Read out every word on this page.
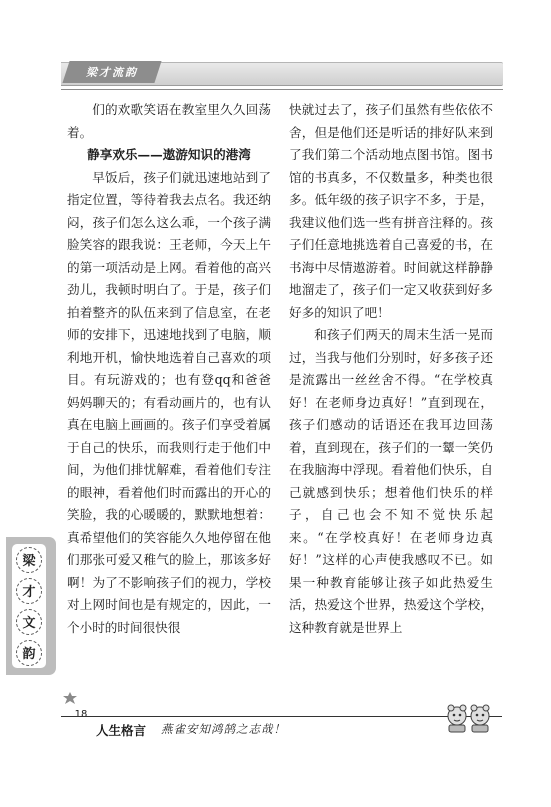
梁才流韵

们的欢歌笑语在教室里久久回荡着。

静享欢乐——遨游知识的港湾

早饭后，孩子们就迅速地站到了指定位置，等待着我去点名。我还纳闷，孩子们怎么这么乖，一个孩子满脸笑容的跟我说：王老师，今天上午的第一项活动是上网。看着他的高兴劲儿，我顿时明白了。于是，孩子们拍着整齐的队伍来到了信息室，在老师的安排下，迅速地找到了电脑，顺利地开机，愉快地选着自己喜欢的项目。有玩游戏的；也有登qq和爸爸妈妈聊天的；有看动画片的，也有认真在电脑上画画的。孩子们享受着属于自己的快乐，而我则行走于他们中间，为他们排忧解难，看着他们专注的眼神，看着他们时而露出的开心的笑脸，我的心暖暖的，默默地想着：真希望他们的笑容能久久地停留在他们那张可爱又稚气的脸上，那该多好啊！为了不影响孩子们的视力，学校对上网时间也是有规定的，因此，一个小时的时间很快很

快就过去了，孩子们虽然有些依依不舍，但是他们还是听话的排好队来到了我们第二个活动地点图书馆。图书馆的书真多，不仅数量多，种类也很多。低年级的孩子识字不多，于是，我建议他们选一些有拼音注释的。孩子们任意地挑选着自己喜爱的书，在书海中尽情遨游着。时间就这样静静地溜走了，孩子们一定又收获到好多好多的知识了吧！

和孩子们两天的周末生活一晃而过，当我与他们分别时，好多孩子还是流露出一丝丝舍不得。“在学校真好！在老师身边真好！”直到现在，孩子们感动的话语还在我耳边回荡着，直到现在，孩子们的一颦一笑仍在我脑海中浮现。看着他们快乐，自己就感到快乐；想着他们快乐的样子，自己也会不知不觉快乐起来。“在学校真好！在老师身边真好！”这样的心声使我感叹不已。如果一种教育能够让孩子如此热爱生活，热爱这个世界，热爱这个学校，这种教育就是世界上

梁
才
文
韵
18
人生格言 燕雀安知鸿鹄之志哉！
